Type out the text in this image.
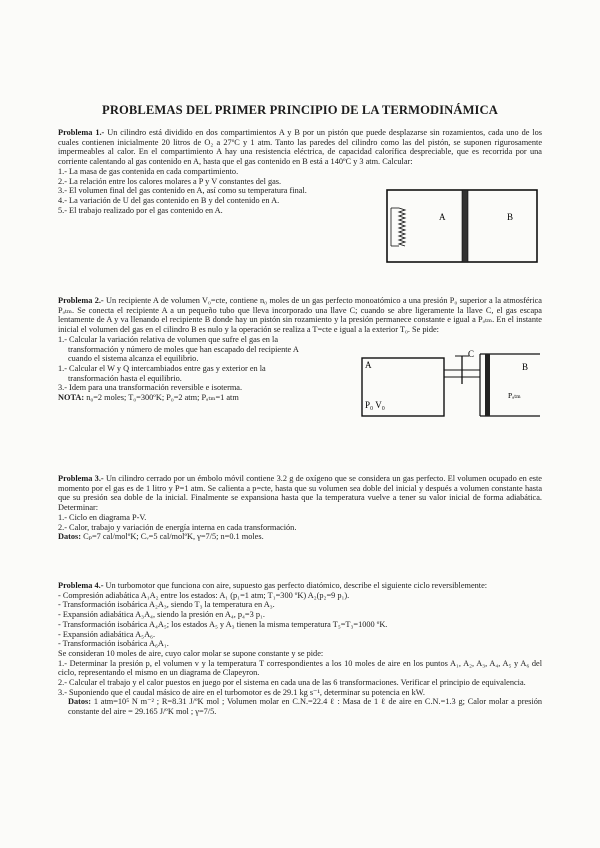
PROBLEMAS DEL PRIMER PRINCIPIO DE LA TERMODINÁMICA

Problema 1.- Un cilindro está dividido en dos compartimientos A y B por un pistón que puede desplazarse sin rozamientos, cada uno de los cuales contienen inicialmente 20 litros de O₂ a 27ºC y 1 atm. Tanto las paredes del cilindro como las del pistón, se suponen rigurosamente impermeables al calor. En el compartimiento A hay una resistencia eléctrica, de capacidad calorífica despreciable, que es recorrida por una corriente calentando al gas contenido en A, hasta que el gas contenido en B está a 140ºC y 3 atm. Calcular:

1.- La masa de gas contenida en cada compartimiento.
2.- La relación entre los calores molares a P y V constantes del gas.
3.- El volumen final del gas contenido en A, así como su temperatura final.
4.- La variación de U del gas contenido en B y del contenido en A.
5.- El trabajo realizado por el gas contenido en A.
A	B

Problema 2.- Un recipiente A de volumen V₀=cte, contiene n₀ moles de un gas perfecto monoatómico a una presión P₀ superior a la atmosférica Pₐₜₘ. Se conecta el recipiente A a un pequeño tubo que lleva incorporado una llave C; cuando se abre ligeramente la llave C, el gas escapa lentamente de A y va llenando el recipiente B donde hay un pistón sin rozamiento y la presión permanece constante e igual a Pₐₜₘ. En el instante inicial el volumen del gas en el cilindro B es nulo y la operación se realiza a T=cte e igual a la exterior T₀. Se pide:

1.- Calcular la variación relativa de volumen que sufre el gas en la
transformación y número de moles que han escapado del recipiente A
cuando el sistema alcanza el equilibrio.
1.- Calcular el W y Q intercambiados entre gas y exterior en la
transformación hasta el equilibrio.
3.- Idem para una transformación reversible e isoterma.
NOTA: n₀=2 moles; T₀=300ºK; P₀=2 atm; Pₐₜₘ=1 atm
C
A
P₀ V₀
B
Pₐₜₘ

Problema 3.- Un cilindro cerrado por un émbolo móvil contiene 3.2 g de oxígeno que se considera un gas perfecto. El volumen ocupado en este momento por el gas es de 1 litro y P=1 atm. Se calienta a p=cte, hasta que su volumen sea doble del inicial y después a volumen constante hasta que su presión sea doble de la inicial. Finalmente se expansiona hasta que la temperatura vuelve a tener su valor inicial de forma adiabática. Determinar:

1.- Ciclo en diagrama P-V.
2.- Calor, trabajo y variación de energía interna en cada transformación.
Datos: Cₚ=7 cal/molºK; Cᵥ=5 cal/molºK, γ=7/5; n=0.1 moles.

Problema 4.- Un turbomotor que funciona con aire, supuesto gas perfecto diatómico, describe el siguiente ciclo reversiblemente:

- Compresión adiabática A₁A₂ entre los estados: A₁ (p₁=1 atm; T₁=300 ºK) A₂(p₂=9 p₁).
- Transformación isobárica A₂A₃, siendo T₃ la temperatura en A₃.
- Expansión adiabática A₃A₄, siendo la presión en A₄, p₄=3 p₁.
- Transformación isobárica A₄A₅; los estados A₅ y A₃ tienen la misma temperatura T₅=T₃=1000 ºK.
- Expansión adiabática A₅A₆.
- Transformación isobárica A₆A₁.
Se consideran 10 moles de aire, cuyo calor molar se supone constante y se pide:

1.- Determinar la presión p, el volumen v y la temperatura T correspondientes a los 10 moles de aire en los puntos A₁, A₂, A₃, A₄, A₅ y A₆ del ciclo, representando el mismo en un diagrama de Clapeyron.

2.- Calcular el trabajo y el calor puestos en juego por el sistema en cada una de las 6 transformaciones. Verificar el principio de equivalencia.

3.- Suponiendo que el caudal másico de aire en el turbomotor es de 29.1 kg s⁻¹, determinar su potencia en kW.

Datos: 1 atm=10⁵ N m⁻² ; R=8.31 J/ºK mol ; Volumen molar en C.N.=22.4 ℓ : Masa de 1 ℓ de aire en C.N.=1.3 g; Calor molar a presión constante del aire = 29.165 J/ºK mol ; γ=7/5.
